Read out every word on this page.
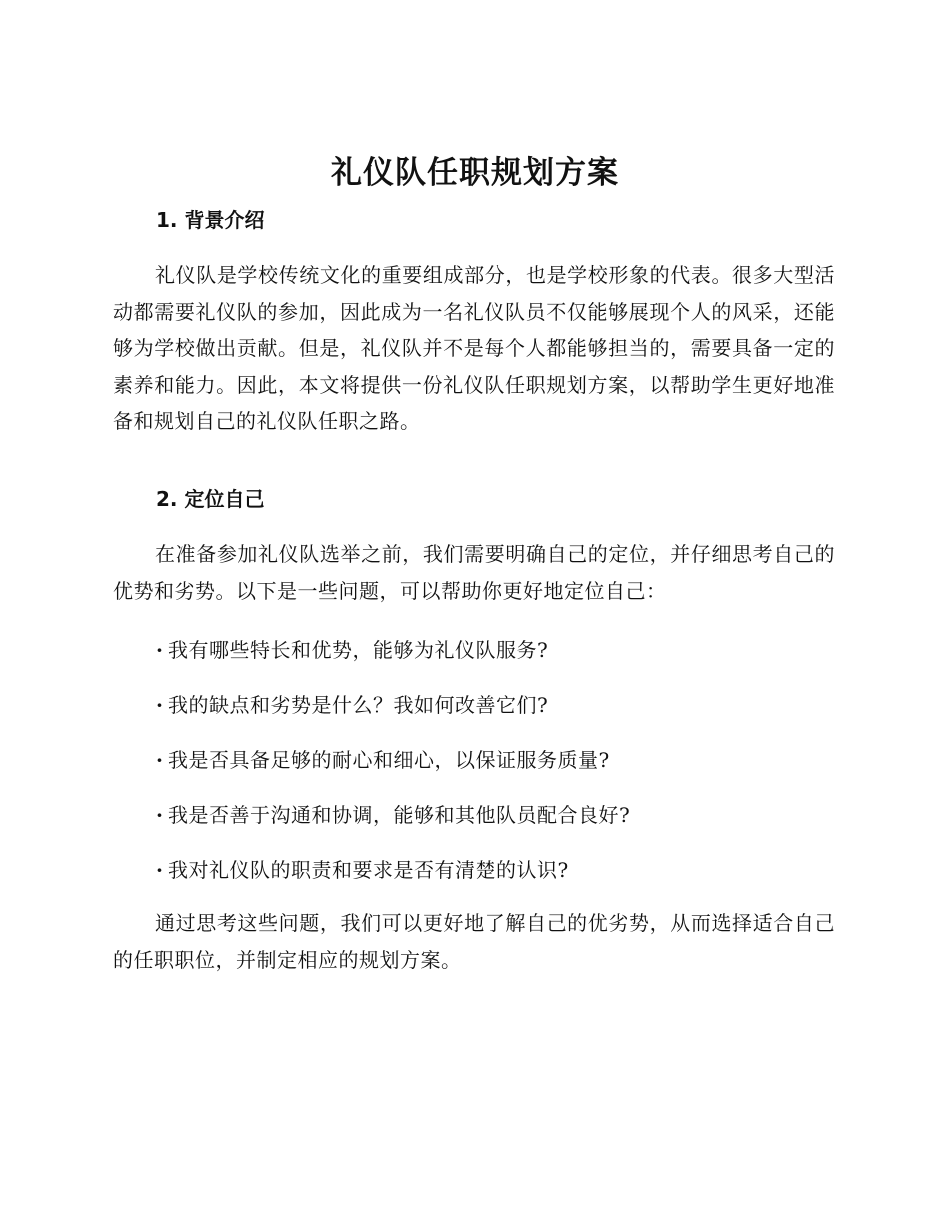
礼仪队任职规划方案
1. 背景介绍

礼仪队是学校传统文化的重要组成部分，也是学校形象的代表。很多大型活动都需要礼仪队的参加，因此成为一名礼仪队员不仅能够展现个人的风采，还能够为学校做出贡献。但是，礼仪队并不是每个人都能够担当的，需要具备一定的素养和能力。因此，本文将提供一份礼仪队任职规划方案，以帮助学生更好地准备和规划自己的礼仪队任职之路。

2. 定位自己

在准备参加礼仪队选举之前，我们需要明确自己的定位，并仔细思考自己的优势和劣势。以下是一些问题，可以帮助你更好地定位自己：

· 我有哪些特长和优势，能够为礼仪队服务?
· 我的缺点和劣势是什么？我如何改善它们?
· 我是否具备足够的耐心和细心，以保证服务质量?
· 我是否善于沟通和协调，能够和其他队员配合良好?
· 我对礼仪队的职责和要求是否有清楚的认识?

通过思考这些问题，我们可以更好地了解自己的优劣势，从而选择适合自己的任职职位，并制定相应的规划方案。
